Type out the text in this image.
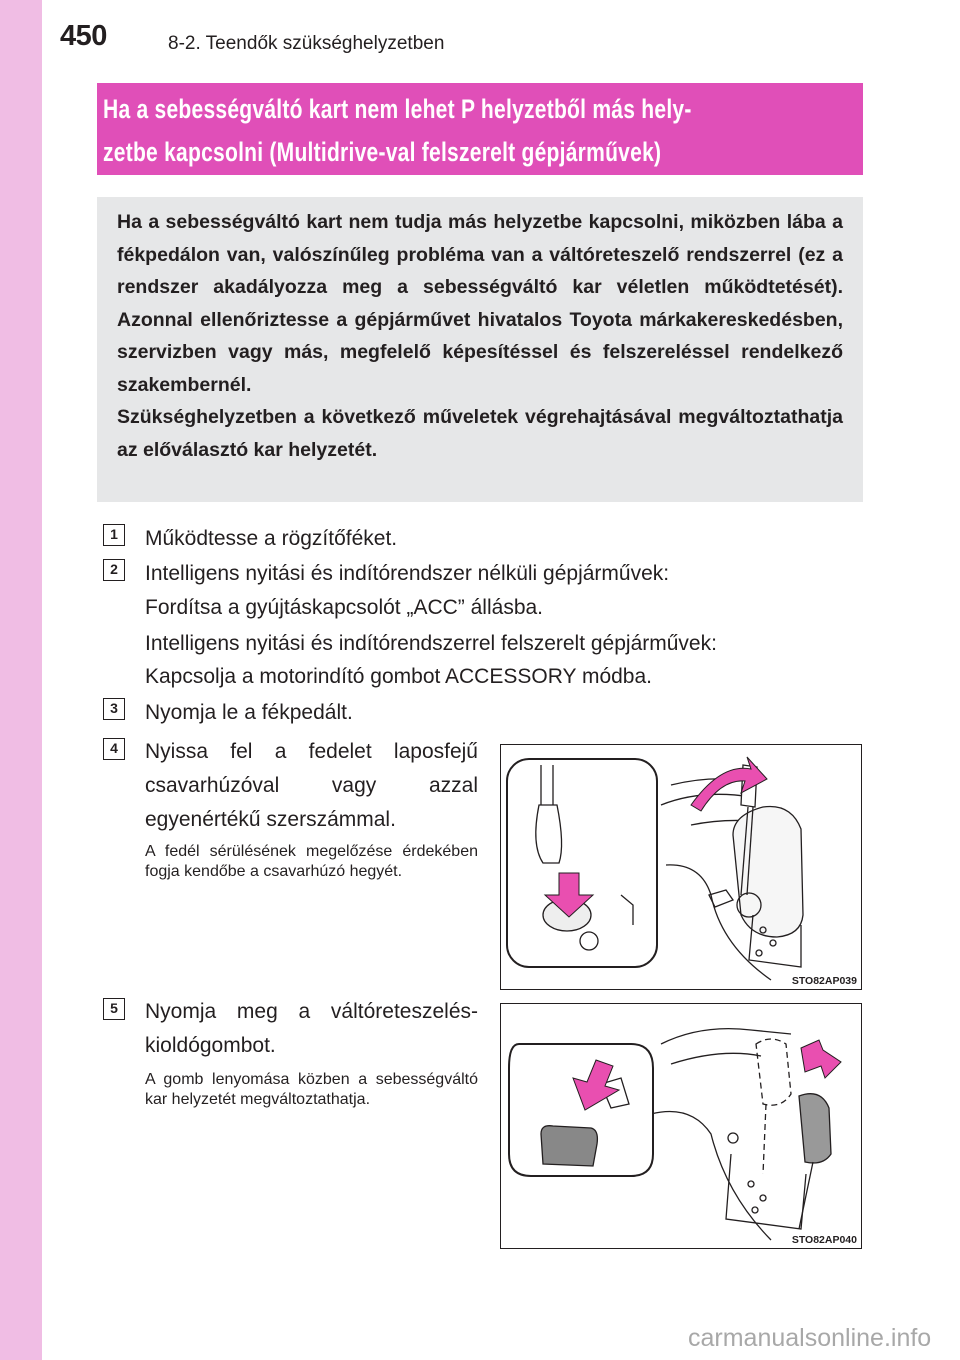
450	8-2. Teendők szükséghelyzetben
Ha a sebességváltó kart nem lehet P helyzetből más hely-
zetbe kapcsolni (Multidrive-val felszerelt gépjárművek)

Ha a sebességváltó kart nem tudja más helyzetbe kapcsolni, miközben lába a fékpedálon van, valószínűleg probléma van a váltóreteszelő rendszerrel (ez a rendszer akadályozza meg a sebességváltó kar véletlen működtetését). Azonnal ellenőriztesse a gépjárművet hivatalos Toyota márkakereskedésben, szervizben vagy más, megfelelő képesítéssel és felszereléssel rendelkező szakembernél.

Szükséghelyzetben a következő műveletek végrehajtásával megváltoztathatja az előválasztó kar helyzetét.

1	Működtesse a rögzítőféket.

2	Intelligens nyitási és indítórendszer nélküli gépjárművek:

Fordítsa a gyújtáskapcsolót „ACC” állásba.

Intelligens nyitási és indítórendszerrel felszerelt gépjárművek:

Kapcsolja a motorindító gombot ACCESSORY módba.

3	Nyomja le a fékpedált.

4	Nyissa fel a fedelet laposfejű csavarhúzóval vagy azzal egyenértékű szerszámmal.

A fedél sérülésének megelőzése érdekében fogja kendőbe a csavarhúzó hegyét.

STO82AP039
5	Nyomja meg a váltóreteszelés-kioldógombot.

A gomb lenyomása közben a sebességváltó kar helyzetét megváltoztathatja.

STO82AP040
carmanualsonline.info
